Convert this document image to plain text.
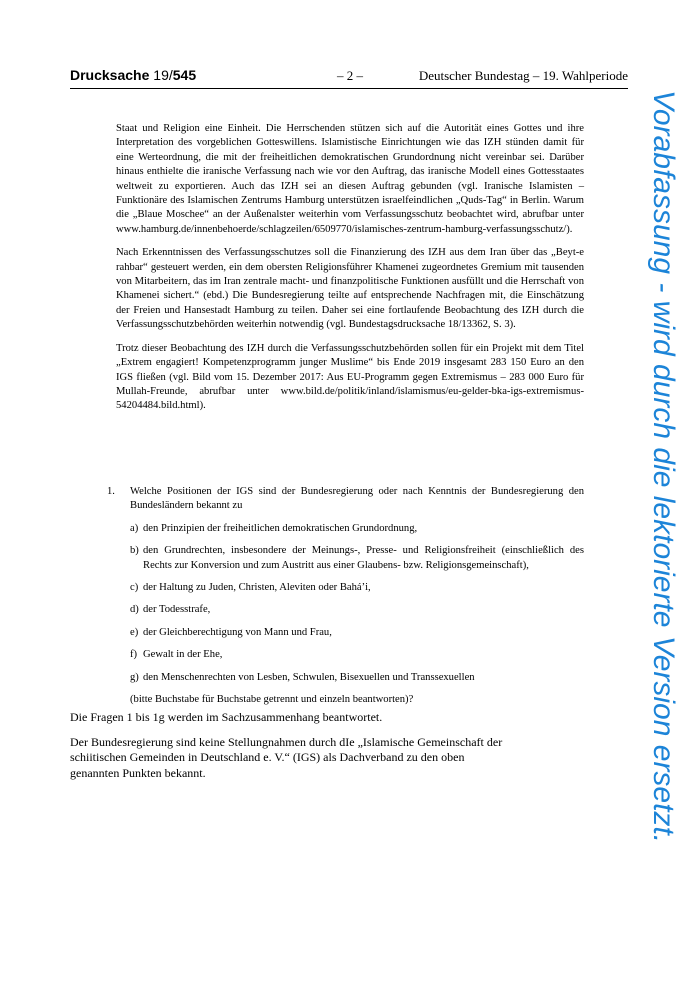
Drucksache 19/545	– 2 –	Deutscher Bundestag – 19. Wahlperiode

Staat und Religion eine Einheit. Die Herrschenden stützen sich auf die Autorität eines Gottes und ihre Interpretation des vorgeblichen Gotteswillens. Islamistische Einrichtungen wie das IZH stünden damit für eine Werteordnung, die mit der freiheitlichen demokratischen Grundordnung nicht vereinbar sei. Darüber hinaus enthielte die iranische Verfassung nach wie vor den Auftrag, das iranische Modell eines Gottesstaates weltweit zu exportieren. Auch das IZH sei an diesen Auftrag gebunden (vgl. Iranische Islamisten – Funktionäre des Islamischen Zentrums Hamburg unterstützen israelfeindlichen „Quds-Tag“ in Berlin. Warum die „Blaue Moschee“ an der Außenalster weiterhin vom Verfassungsschutz beobachtet wird, abrufbar unter www.hamburg.de/innenbehoerde/schlagzeilen/6509770/islamisches-zentrum-hamburg-verfassungsschutz/).

Nach Erkenntnissen des Verfassungsschutzes soll die Finanzierung des IZH aus dem Iran über das „Beyt-e rahbar“ gesteuert werden, ein dem obersten Religionsführer Khamenei zugeordnetes Gremium mit tausenden von Mitarbeitern, das im Iran zentrale macht- und finanzpolitische Funktionen ausfüllt und die Herrschaft von Khamenei sichert.“ (ebd.) Die Bundesregierung teilte auf entsprechende Nachfragen mit, die Einschätzung der Freien und Hansestadt Hamburg zu teilen. Daher sei eine fortlaufende Beobachtung des IZH durch die Verfassungsschutzbehörden weiterhin notwendig (vgl. Bundestagsdrucksache 18/13362, S. 3).

Trotz dieser Beobachtung des IZH durch die Verfassungsschutzbehörden sollen für ein Projekt mit dem Titel „Extrem engagiert! Kompetenzprogramm junger Muslime“ bis Ende 2019 insgesamt 283 150 Euro an den IGS fließen (vgl. Bild vom 15. Dezember 2017: Aus EU-Programm gegen Extremismus – 283 000 Euro für Mullah-Freunde, abrufbar unter www.bild.de/politik/inland/islamismus/eu-gelder-bka-igs-extremismus-54204484.bild.html).

1.	Welche Positionen der IGS sind der Bundesregierung oder nach Kenntnis der Bundesregierung den Bundesländern bekannt zu
a) den Prinzipien der freiheitlichen demokratischen Grundordnung,
b) den Grundrechten, insbesondere der Meinungs-, Presse- und Religionsfreiheit (einschließlich des Rechts zur Konversion und zum Austritt aus einer Glaubens- bzw. Religionsgemeinschaft),
c) der Haltung zu Juden, Christen, Aleviten oder Bahá’i,
d) der Todesstrafe,
e) der Gleichberechtigung von Mann und Frau,
f) Gewalt in der Ehe,
g) den Menschenrechten von Lesben, Schwulen, Bisexuellen und Transsexuellen
(bitte Buchstabe für Buchstabe getrennt und einzeln beantworten)?

Die Fragen 1 bis 1g werden im Sachzusammenhang beantwortet.

Der Bundesregierung sind keine Stellungnahmen durch dIe „Islamische Gemeinschaft der schiitischen Gemeinden in Deutschland e. V.“ (IGS) als Dachverband zu den oben genannten Punkten bekannt.	Vorabfassung - wird durch die lektorierte Version ersetzt.
